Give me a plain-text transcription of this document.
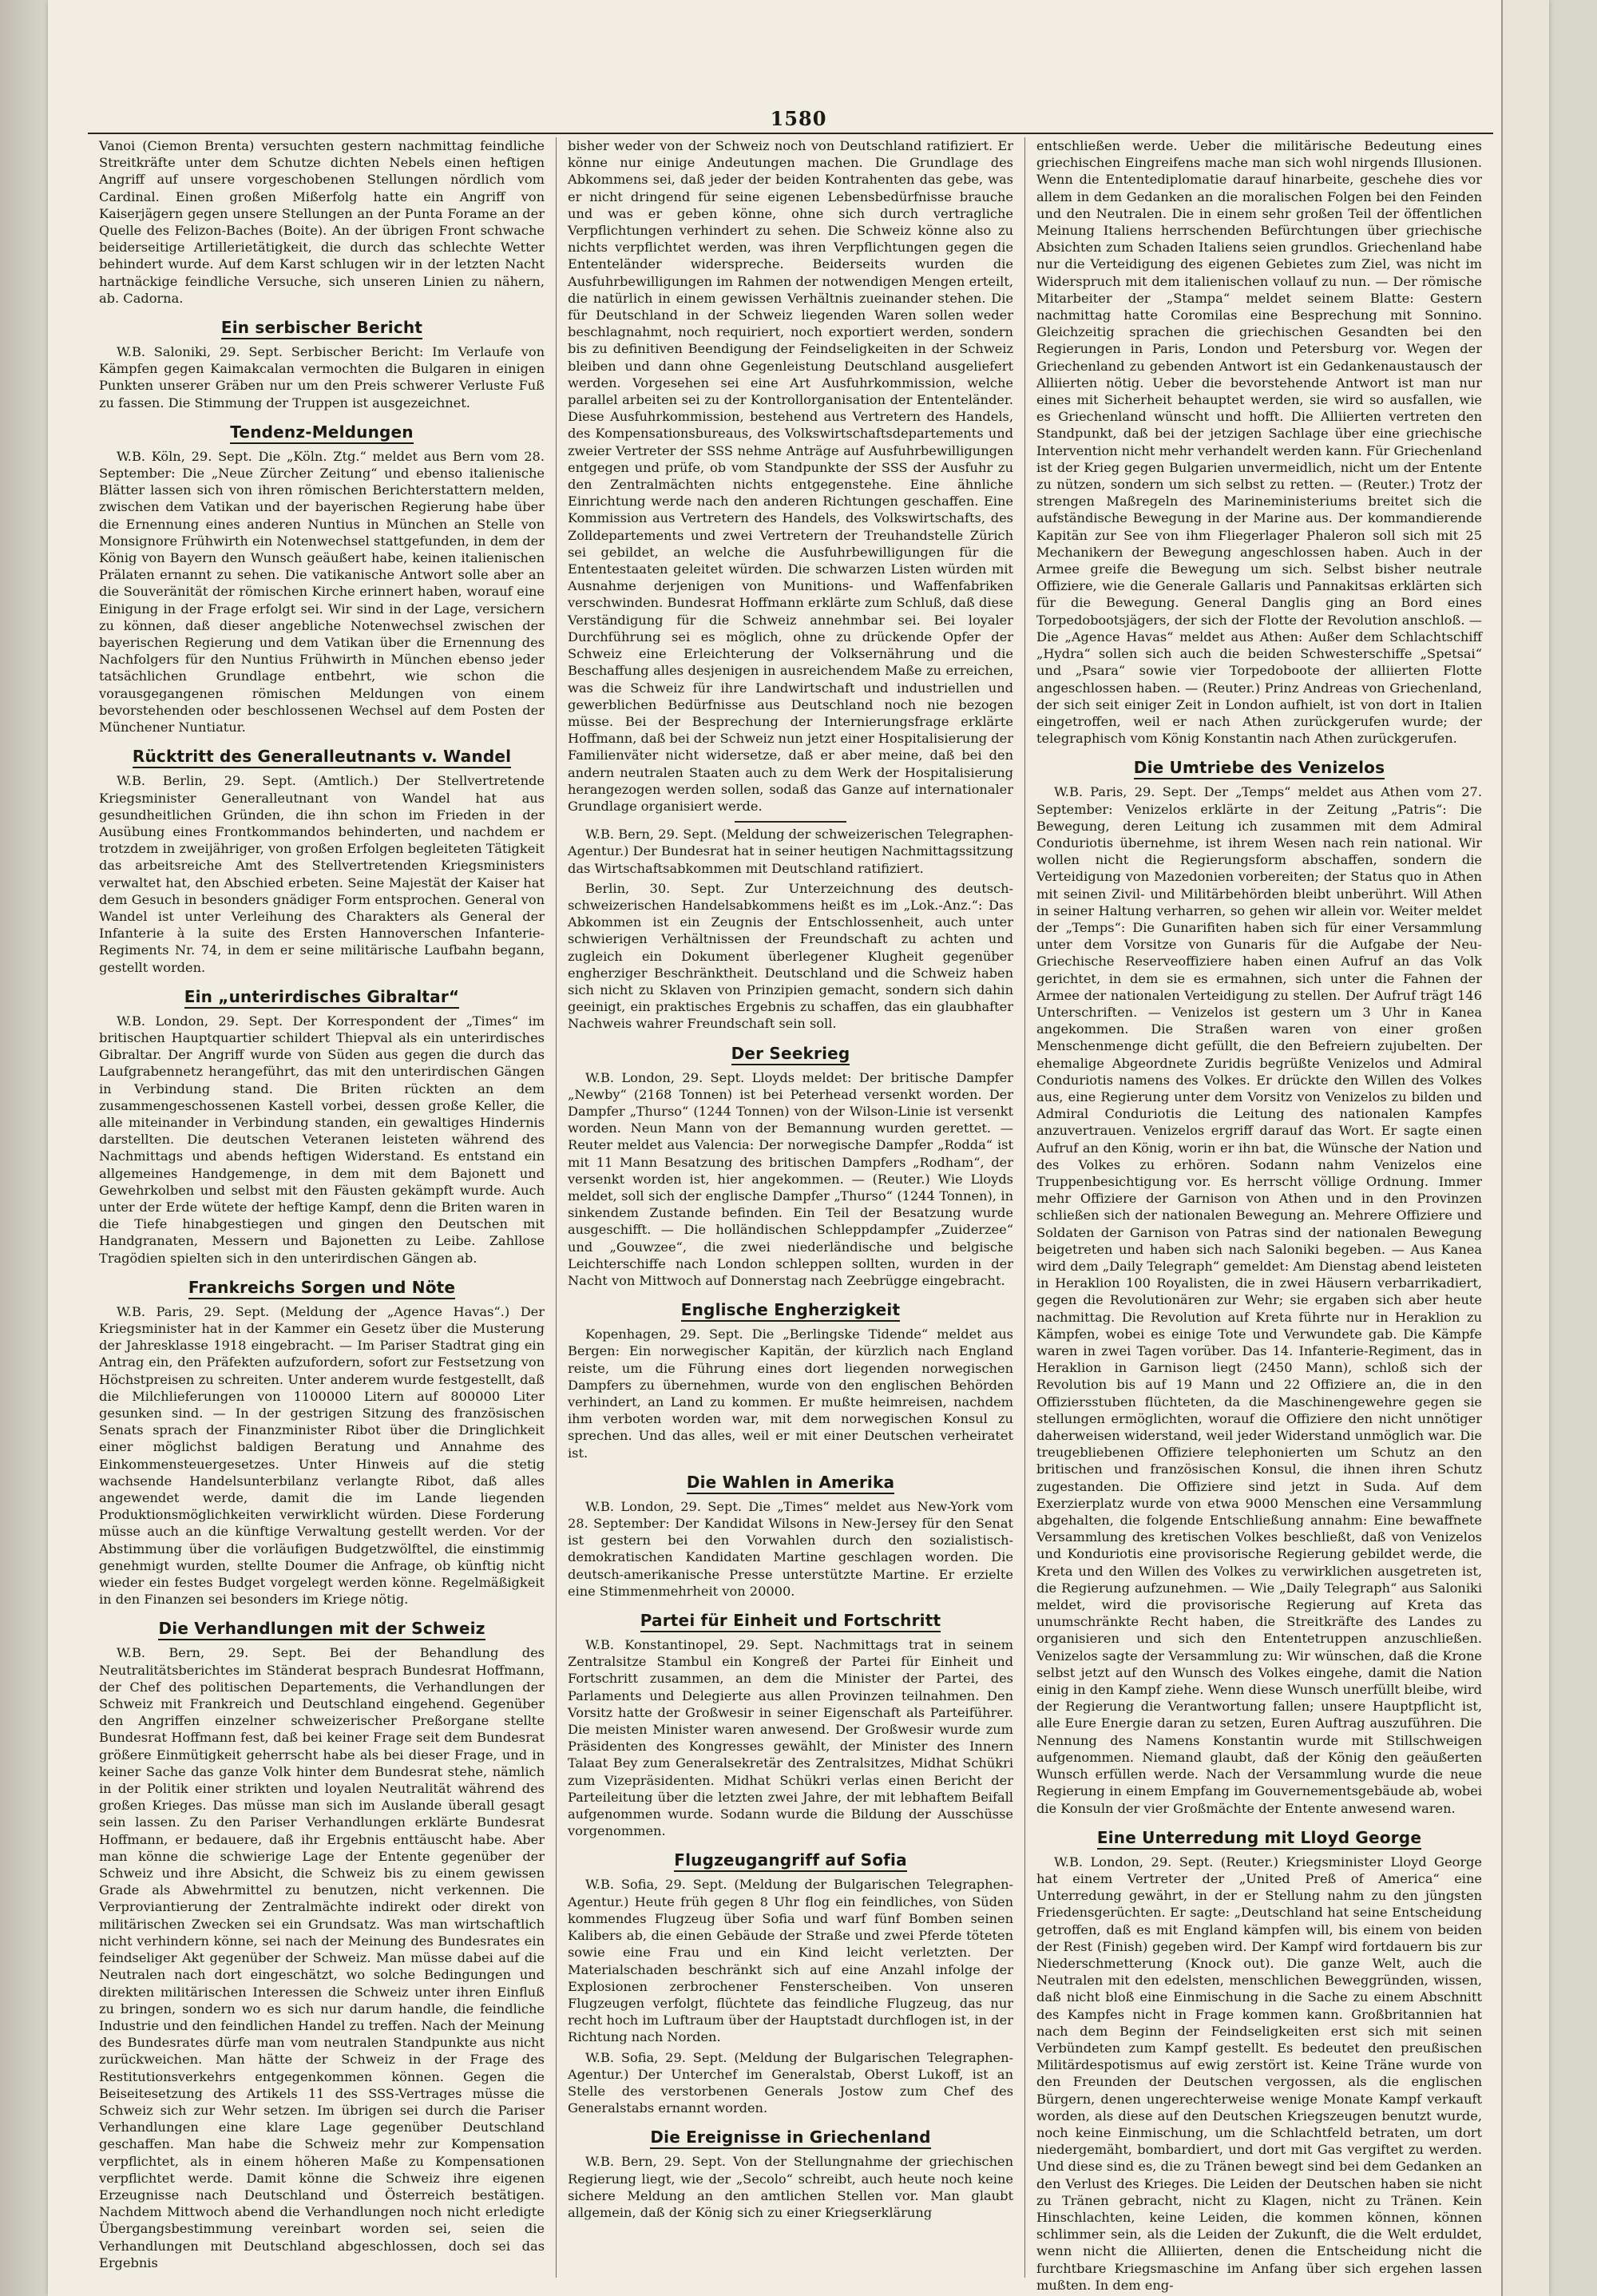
1580

Vanoi (Ciemon Brenta) versuchten gestern nachmittag feindliche Streitkräfte unter dem Schutze dichten Nebels einen heftigen Angriff auf unsere vorgeschobenen Stellungen nördlich vom Cardinal. Einen großen Mißerfolg hatte ein Angriff von Kaiserjägern gegen unsere Stellungen an der Punta Forame an der Quelle des Felizon-Baches (Boite). An der übrigen Front schwache beiderseitige Artillerietätigkeit, die durch das schlechte Wetter behindert wurde. Auf dem Karst schlugen wir in der letzten Nacht hartnäckige feindliche Versuche, sich unseren Linien zu nähern, ab. Cadorna.

Ein serbischer Bericht

W.B. Saloniki, 29. Sept. Serbischer Bericht: Im Verlaufe von Kämpfen gegen Kaimakcalan vermochten die Bulgaren in einigen Punkten unserer Gräben nur um den Preis schwerer Verluste Fuß zu fassen. Die Stimmung der Truppen ist ausgezeichnet.

Tendenz-Meldungen

W.B. Köln, 29. Sept. Die „Köln. Ztg.“ meldet aus Bern vom 28. September: Die „Neue Zürcher Zeitung“ und ebenso italienische Blätter lassen sich von ihren römischen Berichterstattern melden, zwischen dem Vatikan und der bayerischen Regierung habe über die Ernennung eines anderen Nuntius in München an Stelle von Monsignore Frühwirth ein Notenwechsel stattgefunden, in dem der König von Bayern den Wunsch geäußert habe, keinen italienischen Prälaten ernannt zu sehen. Die vatikanische Antwort solle aber an die Souveränität der römischen Kirche erinnert haben, worauf eine Einigung in der Frage erfolgt sei. Wir sind in der Lage, versichern zu können, daß dieser angebliche Notenwechsel zwischen der bayerischen Regierung und dem Vatikan über die Ernennung des Nachfolgers für den Nuntius Frühwirth in München ebenso jeder tatsächlichen Grundlage entbehrt, wie schon die vorausgegangenen römischen Meldungen von einem bevorstehenden oder beschlossenen Wechsel auf dem Posten der Münchener Nuntiatur.

Rücktritt des Generalleutnants v. Wandel

W.B. Berlin, 29. Sept. (Amtlich.) Der Stellvertretende Kriegsminister Generalleutnant von Wandel hat aus gesundheitlichen Gründen, die ihn schon im Frieden in der Ausübung eines Frontkommandos behinderten, und nachdem er trotzdem in zweijähriger, von großen Erfolgen begleiteten Tätigkeit das arbeitsreiche Amt des Stellvertretenden Kriegsministers verwaltet hat, den Abschied erbeten. Seine Majestät der Kaiser hat dem Gesuch in besonders gnädiger Form entsprochen. General von Wandel ist unter Verleihung des Charakters als General der Infanterie à la suite des Ersten Hannoverschen Infanterie-Regiments Nr. 74, in dem er seine militärische Laufbahn begann, gestellt worden.

Ein „unterirdisches Gibraltar“

W.B. London, 29. Sept. Der Korrespondent der „Times“ im britischen Hauptquartier schildert Thiepval als ein unterirdisches Gibraltar. Der Angriff wurde von Süden aus gegen die durch das Laufgrabennetz herangeführt, das mit den unterirdischen Gängen in Verbindung stand. Die Briten rückten an dem zusammengeschossenen Kastell vorbei, dessen große Keller, die alle miteinander in Verbindung standen, ein gewaltiges Hindernis darstellten. Die deutschen Veteranen leisteten während des Nachmittags und abends heftigen Widerstand. Es entstand ein allgemeines Handgemenge, in dem mit dem Bajonett und Gewehrkolben und selbst mit den Fäusten gekämpft wurde. Auch unter der Erde wütete der heftige Kampf, denn die Briten waren in die Tiefe hinabgestiegen und gingen den Deutschen mit Handgranaten, Messern und Bajonetten zu Leibe. Zahllose Tragödien spielten sich in den unterirdischen Gängen ab.

Frankreichs Sorgen und Nöte

W.B. Paris, 29. Sept. (Meldung der „Agence Havas“.) Der Kriegsminister hat in der Kammer ein Gesetz über die Musterung der Jahresklasse 1918 eingebracht. — Im Pariser Stadtrat ging ein Antrag ein, den Präfekten aufzufordern, sofort zur Festsetzung von Höchstpreisen zu schreiten. Unter anderem wurde festgestellt, daß die Milchlieferungen von 1100000 Litern auf 800000 Liter gesunken sind. — In der gestrigen Sitzung des französischen Senats sprach der Finanzminister Ribot über die Dringlichkeit einer möglichst baldigen Beratung und Annahme des Einkommensteuergesetzes. Unter Hinweis auf die stetig wachsende Handelsunterbilanz verlangte Ribot, daß alles angewendet werde, damit die im Lande liegenden Produktionsmöglichkeiten verwirklicht würden. Diese Forderung müsse auch an die künftige Verwaltung gestellt werden. Vor der Abstimmung über die vorläufigen Budgetzwölftel, die einstimmig genehmigt wurden, stellte Doumer die Anfrage, ob künftig nicht wieder ein festes Budget vorgelegt werden könne. Regelmäßigkeit in den Finanzen sei besonders im Kriege nötig.

Die Verhandlungen mit der Schweiz

W.B. Bern, 29. Sept. Bei der Behandlung des Neutralitätsberichtes im Ständerat besprach Bundesrat Hoffmann, der Chef des politischen Departements, die Verhandlungen der Schweiz mit Frankreich und Deutschland eingehend. Gegenüber den Angriffen einzelner schweizerischer Preßorgane stellte Bundesrat Hoffmann fest, daß bei keiner Frage seit dem Bundesrat größere Einmütigkeit geherrscht habe als bei dieser Frage, und in keiner Sache das ganze Volk hinter dem Bundesrat stehe, nämlich in der Politik einer strikten und loyalen Neutralität während des großen Krieges. Das müsse man sich im Auslande überall gesagt sein lassen. Zu den Pariser Verhandlungen erklärte Bundesrat Hoffmann, er bedauere, daß ihr Ergebnis enttäuscht habe. Aber man könne die schwierige Lage der Entente gegenüber der Schweiz und ihre Absicht, die Schweiz bis zu einem gewissen Grade als Abwehrmittel zu benutzen, nicht verkennen. Die Verproviantierung der Zentralmächte indirekt oder direkt von militärischen Zwecken sei ein Grundsatz. Was man wirtschaftlich nicht verhindern könne, sei nach der Meinung des Bundesrates ein feindseliger Akt gegenüber der Schweiz. Man müsse dabei auf die Neutralen nach dort eingeschätzt, wo solche Bedingungen und direkten militärischen Interessen die Schweiz unter ihren Einfluß zu bringen, sondern wo es sich nur darum handle, die feindliche Industrie und den feindlichen Handel zu treffen. Nach der Meinung des Bundesrates dürfe man vom neutralen Standpunkte aus nicht zurückweichen. Man hätte der Schweiz in der Frage des Restitutionsverkehrs entgegenkommen können. Gegen die Beiseitesetzung des Artikels 11 des SSS-Vertrages müsse die Schweiz sich zur Wehr setzen. Im übrigen sei durch die Pariser Verhandlungen eine klare Lage gegenüber Deutschland geschaffen. Man habe die Schweiz mehr zur Kompensation verpflichtet, als in einem höheren Maße zu Kompensationen verpflichtet werde. Damit könne die Schweiz ihre eigenen Erzeugnisse nach Deutschland und Österreich bestätigen. Nachdem Mittwoch abend die Verhandlungen noch nicht erledigte Übergangsbestimmung vereinbart worden sei, seien die Verhandlungen mit Deutschland abgeschlossen, doch sei das Ergebnis

bisher weder von der Schweiz noch von Deutschland ratifiziert. Er könne nur einige Andeutungen machen. Die Grundlage des Abkommens sei, daß jeder der beiden Kontrahenten das gebe, was er nicht dringend für seine eigenen Lebensbedürfnisse brauche und was er geben könne, ohne sich durch vertragliche Verpflichtungen verhindert zu sehen. Die Schweiz könne also zu nichts verpflichtet werden, was ihren Verpflichtungen gegen die Ententeländer widerspreche. Beiderseits wurden die Ausfuhrbewilligungen im Rahmen der notwendigen Mengen erteilt, die natürlich in einem gewissen Verhältnis zueinander stehen. Die für Deutschland in der Schweiz liegenden Waren sollen weder beschlagnahmt, noch requiriert, noch exportiert werden, sondern bis zu definitiven Beendigung der Feindseligkeiten in der Schweiz bleiben und dann ohne Gegenleistung Deutschland ausgeliefert werden. Vorgesehen sei eine Art Ausfuhrkommission, welche parallel arbeiten sei zu der Kontrollorganisation der Ententeländer. Diese Ausfuhrkommission, bestehend aus Vertretern des Handels, des Kompensationsbureaus, des Volkswirtschaftsdepartements und zweier Vertreter der SSS nehme Anträge auf Ausfuhrbewilligungen entgegen und prüfe, ob vom Standpunkte der SSS der Ausfuhr zu den Zentralmächten nichts entgegenstehe. Eine ähnliche Einrichtung werde nach den anderen Richtungen geschaffen. Eine Kommission aus Vertretern des Handels, des Volkswirtschafts, des Zolldepartements und zwei Vertretern der Treuhandstelle Zürich sei gebildet, an welche die Ausfuhrbewilligungen für die Ententestaaten geleitet würden. Die schwarzen Listen würden mit Ausnahme derjenigen von Munitions- und Waffenfabriken verschwinden. Bundesrat Hoffmann erklärte zum Schluß, daß diese Verständigung für die Schweiz annehmbar sei. Bei loyaler Durchführung sei es möglich, ohne zu drückende Opfer der Schweiz eine Erleichterung der Volksernährung und die Beschaffung alles desjenigen in ausreichendem Maße zu erreichen, was die Schweiz für ihre Landwirtschaft und industriellen und gewerblichen Bedürfnisse aus Deutschland noch nie bezogen müsse. Bei der Besprechung der Internierungsfrage erklärte Hoffmann, daß bei der Schweiz nun jetzt einer Hospitalisierung der Familienväter nicht widersetze, daß er aber meine, daß bei den andern neutralen Staaten auch zu dem Werk der Hospitalisierung herangezogen werden sollen, sodaß das Ganze auf internationaler Grundlage organisiert werde.

W.B. Bern, 29. Sept. (Meldung der schweizerischen Telegraphen-Agentur.) Der Bundesrat hat in seiner heutigen Nachmittagssitzung das Wirtschaftsabkommen mit Deutschland ratifiziert.

Berlin, 30. Sept. Zur Unterzeichnung des deutsch-schweizerischen Handelsabkommens heißt es im „Lok.-Anz.“: Das Abkommen ist ein Zeugnis der Entschlossenheit, auch unter schwierigen Verhältnissen der Freundschaft zu achten und zugleich ein Dokument überlegener Klugheit gegenüber engherziger Beschränktheit. Deutschland und die Schweiz haben sich nicht zu Sklaven von Prinzipien gemacht, sondern sich dahin geeinigt, ein praktisches Ergebnis zu schaffen, das ein glaubhafter Nachweis wahrer Freundschaft sein soll.

Der Seekrieg

W.B. London, 29. Sept. Lloyds meldet: Der britische Dampfer „Newby“ (2168 Tonnen) ist bei Peterhead versenkt worden. Der Dampfer „Thurso“ (1244 Tonnen) von der Wilson-Linie ist versenkt worden. Neun Mann von der Bemannung wurden gerettet. — Reuter meldet aus Valencia: Der norwegische Dampfer „Rodda“ ist mit 11 Mann Besatzung des britischen Dampfers „Rodham“, der versenkt worden ist, hier angekommen. — (Reuter.) Wie Lloyds meldet, soll sich der englische Dampfer „Thurso“ (1244 Tonnen), in sinkendem Zustande befinden. Ein Teil der Besatzung wurde ausgeschifft. — Die holländischen Schleppdampfer „Zuiderzee“ und „Gouwzee“, die zwei niederländische und belgische Leichterschiffe nach London schleppen sollten, wurden in der Nacht von Mittwoch auf Donnerstag nach Zeebrügge eingebracht.

Englische Engherzigkeit

Kopenhagen, 29. Sept. Die „Berlingske Tidende“ meldet aus Bergen: Ein norwegischer Kapitän, der kürzlich nach England reiste, um die Führung eines dort liegenden norwegischen Dampfers zu übernehmen, wurde von den englischen Behörden verhindert, an Land zu kommen. Er mußte heimreisen, nachdem ihm verboten worden war, mit dem norwegischen Konsul zu sprechen. Und das alles, weil er mit einer Deutschen verheiratet ist.

Die Wahlen in Amerika

W.B. London, 29. Sept. Die „Times“ meldet aus New-York vom 28. September: Der Kandidat Wilsons in New-Jersey für den Senat ist gestern bei den Vorwahlen durch den sozialistisch-demokratischen Kandidaten Martine geschlagen worden. Die deutsch-amerikanische Presse unterstützte Martine. Er erzielte eine Stimmenmehrheit von 20000.

Partei für Einheit und Fortschritt

W.B. Konstantinopel, 29. Sept. Nachmittags trat in seinem Zentralsitze Stambul ein Kongreß der Partei für Einheit und Fortschritt zusammen, an dem die Minister der Partei, des Parlaments und Delegierte aus allen Provinzen teilnahmen. Den Vorsitz hatte der Großwesir in seiner Eigenschaft als Parteiführer. Die meisten Minister waren anwesend. Der Großwesir wurde zum Präsidenten des Kongresses gewählt, der Minister des Innern Talaat Bey zum Generalsekretär des Zentralsitzes, Midhat Schükri zum Vizepräsidenten. Midhat Schükri verlas einen Bericht der Parteileitung über die letzten zwei Jahre, der mit lebhaftem Beifall aufgenommen wurde. Sodann wurde die Bildung der Ausschüsse vorgenommen.

Flugzeugangriff auf Sofia

W.B. Sofia, 29. Sept. (Meldung der Bulgarischen Telegraphen-Agentur.) Heute früh gegen 8 Uhr flog ein feindliches, von Süden kommendes Flugzeug über Sofia und warf fünf Bomben seinen Kalibers ab, die einen Gebäude der Straße und zwei Pferde töteten sowie eine Frau und ein Kind leicht verletzten. Der Materialschaden beschränkt sich auf eine Anzahl infolge der Explosionen zerbrochener Fensterscheiben. Von unseren Flugzeugen verfolgt, flüchtete das feindliche Flugzeug, das nur recht hoch im Luftraum über der Hauptstadt durchflogen ist, in der Richtung nach Norden.

W.B. Sofia, 29. Sept. (Meldung der Bulgarischen Telegraphen-Agentur.) Der Unterchef im Generalstab, Oberst Lukoff, ist an Stelle des verstorbenen Generals Jostow zum Chef des Generalstabs ernannt worden.

Die Ereignisse in Griechenland

W.B. Bern, 29. Sept. Von der Stellungnahme der griechischen Regierung liegt, wie der „Secolo“ schreibt, auch heute noch keine sichere Meldung an den amtlichen Stellen vor. Man glaubt allgemein, daß der König sich zu einer Kriegserklärung

entschließen werde. Ueber die militärische Bedeutung eines griechischen Eingreifens mache man sich wohl nirgends Illusionen. Wenn die Ententediplomatie darauf hinarbeite, geschehe dies vor allem in dem Gedanken an die moralischen Folgen bei den Feinden und den Neutralen. Die in einem sehr großen Teil der öffentlichen Meinung Italiens herrschenden Befürchtungen über griechische Absichten zum Schaden Italiens seien grundlos. Griechenland habe nur die Verteidigung des eigenen Gebietes zum Ziel, was nicht im Widerspruch mit dem italienischen vollauf zu nun. — Der römische Mitarbeiter der „Stampa“ meldet seinem Blatte: Gestern nachmittag hatte Coromilas eine Besprechung mit Sonnino. Gleichzeitig sprachen die griechischen Gesandten bei den Regierungen in Paris, London und Petersburg vor. Wegen der Griechenland zu gebenden Antwort ist ein Gedankenaustausch der Alliierten nötig. Ueber die bevorstehende Antwort ist man nur eines mit Sicherheit behauptet werden, sie wird so ausfallen, wie es Griechenland wünscht und hofft. Die Alliierten vertreten den Standpunkt, daß bei der jetzigen Sachlage über eine griechische Intervention nicht mehr verhandelt werden kann. Für Griechenland ist der Krieg gegen Bulgarien unvermeidlich, nicht um der Entente zu nützen, sondern um sich selbst zu retten. — (Reuter.) Trotz der strengen Maßregeln des Marineministeriums breitet sich die aufständische Bewegung in der Marine aus. Der kommandierende Kapitän zur See von ihm Fliegerlager Phaleron soll sich mit 25 Mechanikern der Bewegung angeschlossen haben. Auch in der Armee greife die Bewegung um sich. Selbst bisher neutrale Offiziere, wie die Generale Gallaris und Pannakitsas erklärten sich für die Bewegung. General Danglis ging an Bord eines Torpedobootsjägers, der sich der Flotte der Revolution anschloß. — Die „Agence Havas“ meldet aus Athen: Außer dem Schlachtschiff „Hydra“ sollen sich auch die beiden Schwesterschiffe „Spetsai“ und „Psara“ sowie vier Torpedoboote der alliierten Flotte angeschlossen haben. — (Reuter.) Prinz Andreas von Griechenland, der sich seit einiger Zeit in London aufhielt, ist von dort in Italien eingetroffen, weil er nach Athen zurückgerufen wurde; der telegraphisch vom König Konstantin nach Athen zurückgerufen.

Die Umtriebe des Venizelos

W.B. Paris, 29. Sept. Der „Temps“ meldet aus Athen vom 27. September: Venizelos erklärte in der Zeitung „Patris“: Die Bewegung, deren Leitung ich zusammen mit dem Admiral Conduriotis übernehme, ist ihrem Wesen nach rein national. Wir wollen nicht die Regierungsform abschaffen, sondern die Verteidigung von Mazedonien vorbereiten; der Status quo in Athen mit seinen Zivil- und Militärbehörden bleibt unberührt. Will Athen in seiner Haltung verharren, so gehen wir allein vor. Weiter meldet der „Temps“: Die Gunarifiten haben sich für einer Versammlung unter dem Vorsitze von Gunaris für die Aufgabe der Neu-Griechische Reserveoffiziere haben einen Aufruf an das Volk gerichtet, in dem sie es ermahnen, sich unter die Fahnen der Armee der nationalen Verteidigung zu stellen. Der Aufruf trägt 146 Unterschriften. — Venizelos ist gestern um 3 Uhr in Kanea angekommen. Die Straßen waren von einer großen Menschenmenge dicht gefüllt, die den Befreiern zujubelten. Der ehemalige Abgeordnete Zuridis begrüßte Venizelos und Admiral Conduriotis namens des Volkes. Er drückte den Willen des Volkes aus, eine Regierung unter dem Vorsitz von Venizelos zu bilden und Admiral Conduriotis die Leitung des nationalen Kampfes anzuvertrauen. Venizelos ergriff darauf das Wort. Er sagte einen Aufruf an den König, worin er ihn bat, die Wünsche der Nation und des Volkes zu erhören. Sodann nahm Venizelos eine Truppenbesichtigung vor. Es herrscht völlige Ordnung. Immer mehr Offiziere der Garnison von Athen und in den Provinzen schließen sich der nationalen Bewegung an. Mehrere Offiziere und Soldaten der Garnison von Patras sind der nationalen Bewegung beigetreten und haben sich nach Saloniki begeben. — Aus Kanea wird dem „Daily Telegraph“ gemeldet: Am Dienstag abend leisteten in Heraklion 100 Royalisten, die in zwei Häusern verbarrikadiert, gegen die Revolutionären zur Wehr; sie ergaben sich aber heute nachmittag. Die Revolution auf Kreta führte nur in Heraklion zu Kämpfen, wobei es einige Tote und Verwundete gab. Die Kämpfe waren in zwei Tagen vorüber. Das 14. Infanterie-Regiment, das in Heraklion in Garnison liegt (2450 Mann), schloß sich der Revolution bis auf 19 Mann und 22 Offiziere an, die in den Offiziersstuben flüchteten, da die Maschinengewehre gegen sie stellungen ermöglichten, worauf die Offiziere den nicht unnötiger daherweisen widerstand, weil jeder Widerstand unmöglich war. Die treugebliebenen Offiziere telephonierten um Schutz an den britischen und französischen Konsul, die ihnen ihren Schutz zugestanden. Die Offiziere sind jetzt in Suda. Auf dem Exerzierplatz wurde von etwa 9000 Menschen eine Versammlung abgehalten, die folgende Entschließung annahm: Eine bewaffnete Versammlung des kretischen Volkes beschließt, daß von Venizelos und Konduriotis eine provisorische Regierung gebildet werde, die Kreta und den Willen des Volkes zu verwirklichen ausgetreten ist, die Regierung aufzunehmen. — Wie „Daily Telegraph“ aus Saloniki meldet, wird die provisorische Regierung auf Kreta das unumschränkte Recht haben, die Streitkräfte des Landes zu organisieren und sich den Ententetruppen anzuschließen. Venizelos sagte der Versammlung zu: Wir wünschen, daß die Krone selbst jetzt auf den Wunsch des Volkes eingehe, damit die Nation einig in den Kampf ziehe. Wenn diese Wunsch unerfüllt bleibe, wird der Regierung die Verantwortung fallen; unsere Hauptpflicht ist, alle Eure Energie daran zu setzen, Euren Auftrag auszuführen. Die Nennung des Namens Konstantin wurde mit Stillschweigen aufgenommen. Niemand glaubt, daß der König den geäußerten Wunsch erfüllen werde. Nach der Versammlung wurde die neue Regierung in einem Empfang im Gouvernementsgebäude ab, wobei die Konsuln der vier Großmächte der Entente anwesend waren.

Eine Unterredung mit Lloyd George

W.B. London, 29. Sept. (Reuter.) Kriegsminister Lloyd George hat einem Vertreter der „United Preß of America“ eine Unterredung gewährt, in der er Stellung nahm zu den jüngsten Friedensgerüchten. Er sagte: „Deutschland hat seine Entscheidung getroffen, daß es mit England kämpfen will, bis einem von beiden der Rest (Finish) gegeben wird. Der Kampf wird fortdauern bis zur Niederschmetterung (Knock out). Die ganze Welt, auch die Neutralen mit den edelsten, menschlichen Beweggründen, wissen, daß nicht bloß eine Einmischung in die Sache zu einem Abschnitt des Kampfes nicht in Frage kommen kann. Großbritannien hat nach dem Beginn der Feindseligkeiten erst sich mit seinen Verbündeten zum Kampf gestellt. Es bedeutet den preußischen Militärdespotismus auf ewig zerstört ist. Keine Träne wurde von den Freunden der Deutschen vergossen, als die englischen Bürgern, denen ungerechterweise wenige Monate Kampf verkauft worden, als diese auf den Deutschen Kriegszeugen benutzt wurde, noch keine Einmischung, um die Schlachtfeld betraten, um dort niedergemäht, bombardiert, und dort mit Gas vergiftet zu werden. Und diese sind es, die zu Tränen bewegt sind bei dem Gedanken an den Verlust des Krieges. Die Leiden der Deutschen haben sie nicht zu Tränen gebracht, nicht zu Klagen, nicht zu Tränen. Kein Hinschlachten, keine Leiden, die kommen können, können schlimmer sein, als die Leiden der Zukunft, die die Welt erduldet, wenn nicht die Alliierten, denen die Entscheidung nicht die furchtbare Kriegsmaschine im Anfang über sich ergehen lassen mußten. In dem eng-
